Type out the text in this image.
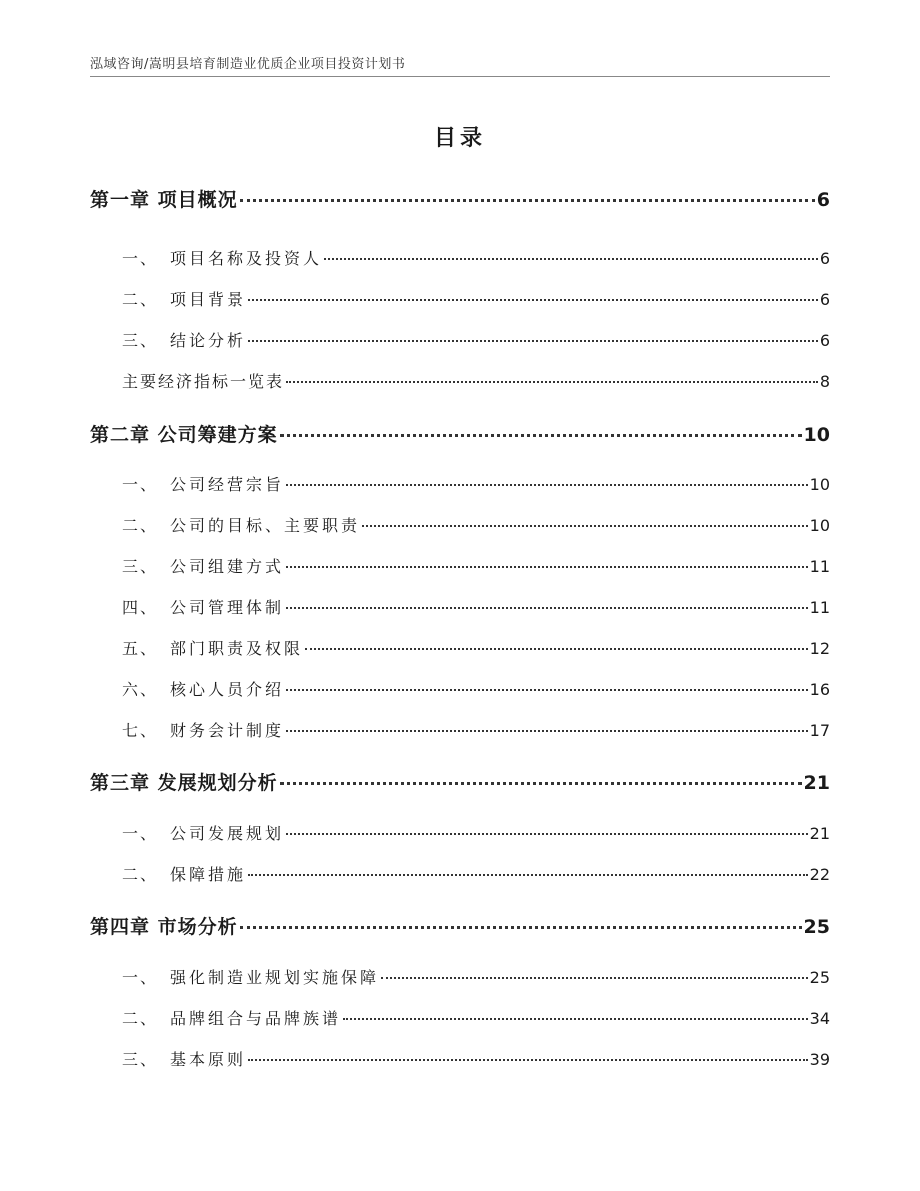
泓域咨询/嵩明县培育制造业优质企业项目投资计划书
目录
第一章 项目概况	6
一、 项目名称及投资人	6
二、 项目背景	6
三、 结论分析	6
主要经济指标一览表	8
第二章 公司筹建方案	10
一、 公司经营宗旨	10
二、 公司的目标、主要职责	10
三、 公司组建方式	11
四、 公司管理体制	11
五、 部门职责及权限	12
六、 核心人员介绍	16
七、 财务会计制度	17
第三章 发展规划分析	21
一、 公司发展规划	21
二、 保障措施	22
第四章 市场分析	25
一、 强化制造业规划实施保障	25
二、 品牌组合与品牌族谱	34
三、 基本原则	39
